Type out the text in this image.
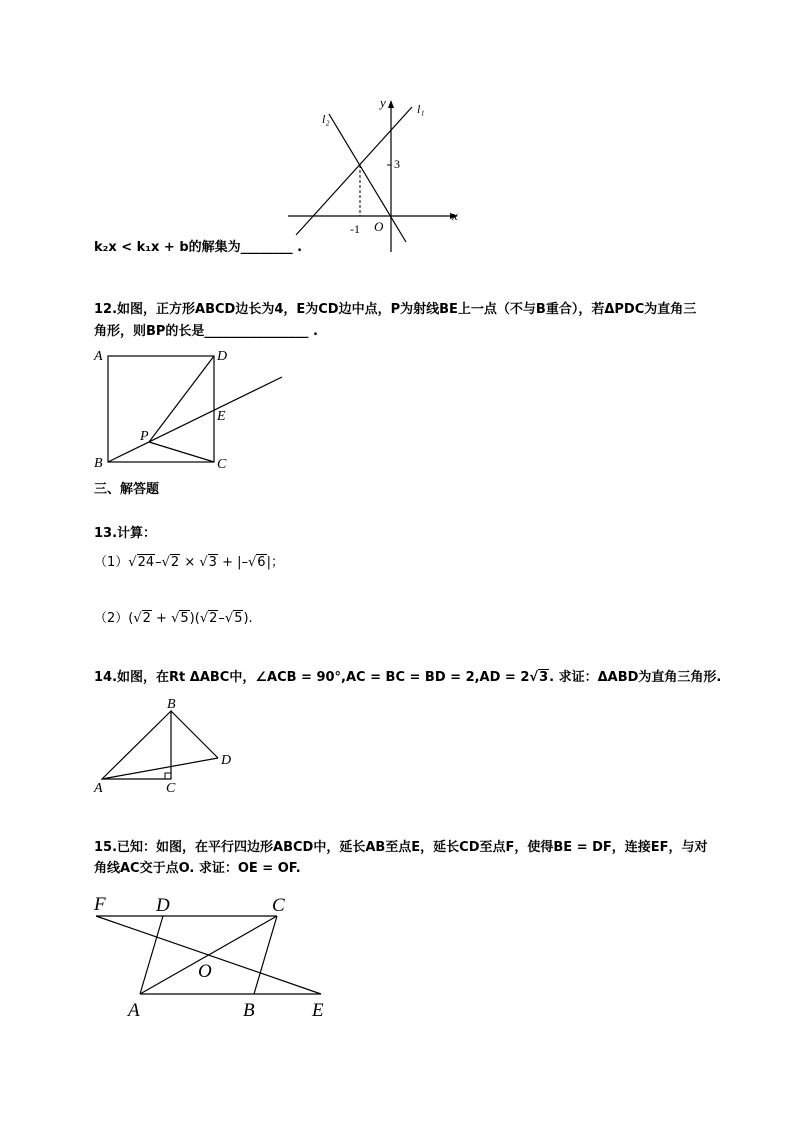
l₂
l₁
y
x
O
3
-1
k₂x < k₁x + b的解集为________ .
12.如图，正方形ABCD边长为4，E为CD边中点，P为射线BE上一点（不与B重合），若ΔPDC为直角三
角形，则BP的长是________________ .
A	D
E
P
B	C
三、解答题
13.计算：
（1）√24–√2 × √3 + |–√6|；
（2）(√2 + √5)(√2–√5).
14.如图，在Rt ΔABC中，∠ACB = 90°,AC = BC = BD = 2,AD = 2√3. 求证：ΔABD为直角三角形.
B
D
A	C
15.已知：如图，在平行四边形ABCD中，延长AB至点E，延长CD至点F，使得BE = DF，连接EF，与对
角线AC交于点O. 求证：OE = OF.
F	D	C
O
A	B	E
